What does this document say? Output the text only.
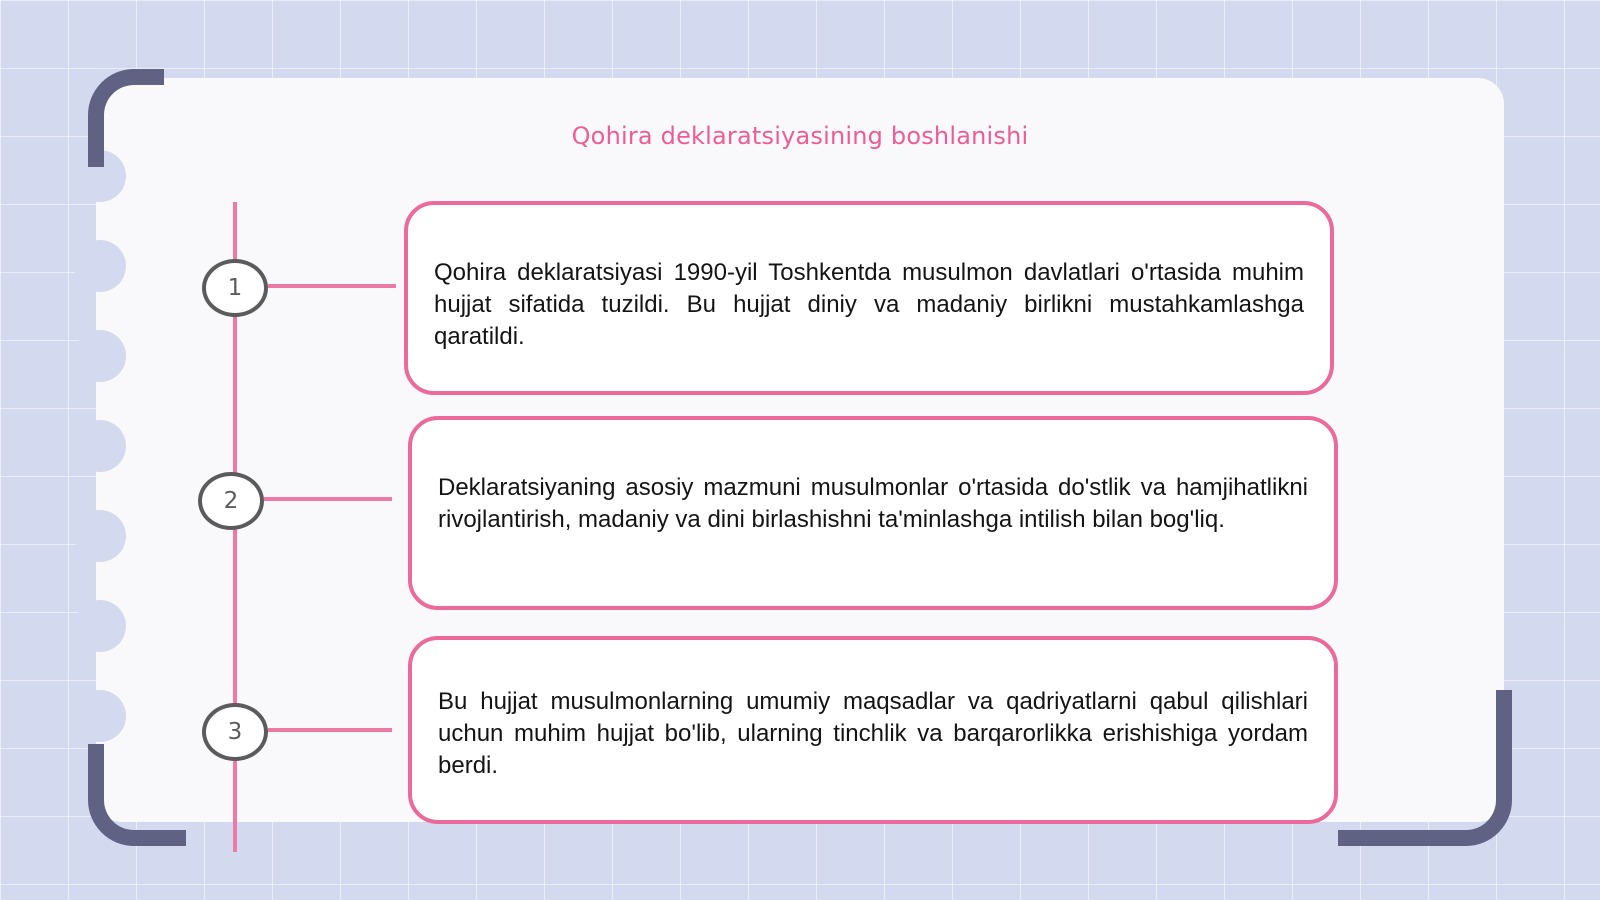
Qohira deklaratsiyasining boshlanishi
1
2
3

Qohira deklaratsiyasi 1990-yil Toshkentda musulmon davlatlari o'rtasida muhim hujjat sifatida tuzildi. Bu hujjat diniy va madaniy birlikni mustahkamlashga qaratildi.

Deklaratsiyaning asosiy mazmuni musulmonlar o'rtasida do'stlik va hamjihatlikni rivojlantirish, madaniy va dini birlashishni ta'minlashga intilish bilan bog'liq.

Bu hujjat musulmonlarning umumiy maqsadlar va qadriyatlarni qabul qilishlari uchun muhim hujjat bo'lib, ularning tinchlik va barqarorlikka erishishiga yordam berdi.
